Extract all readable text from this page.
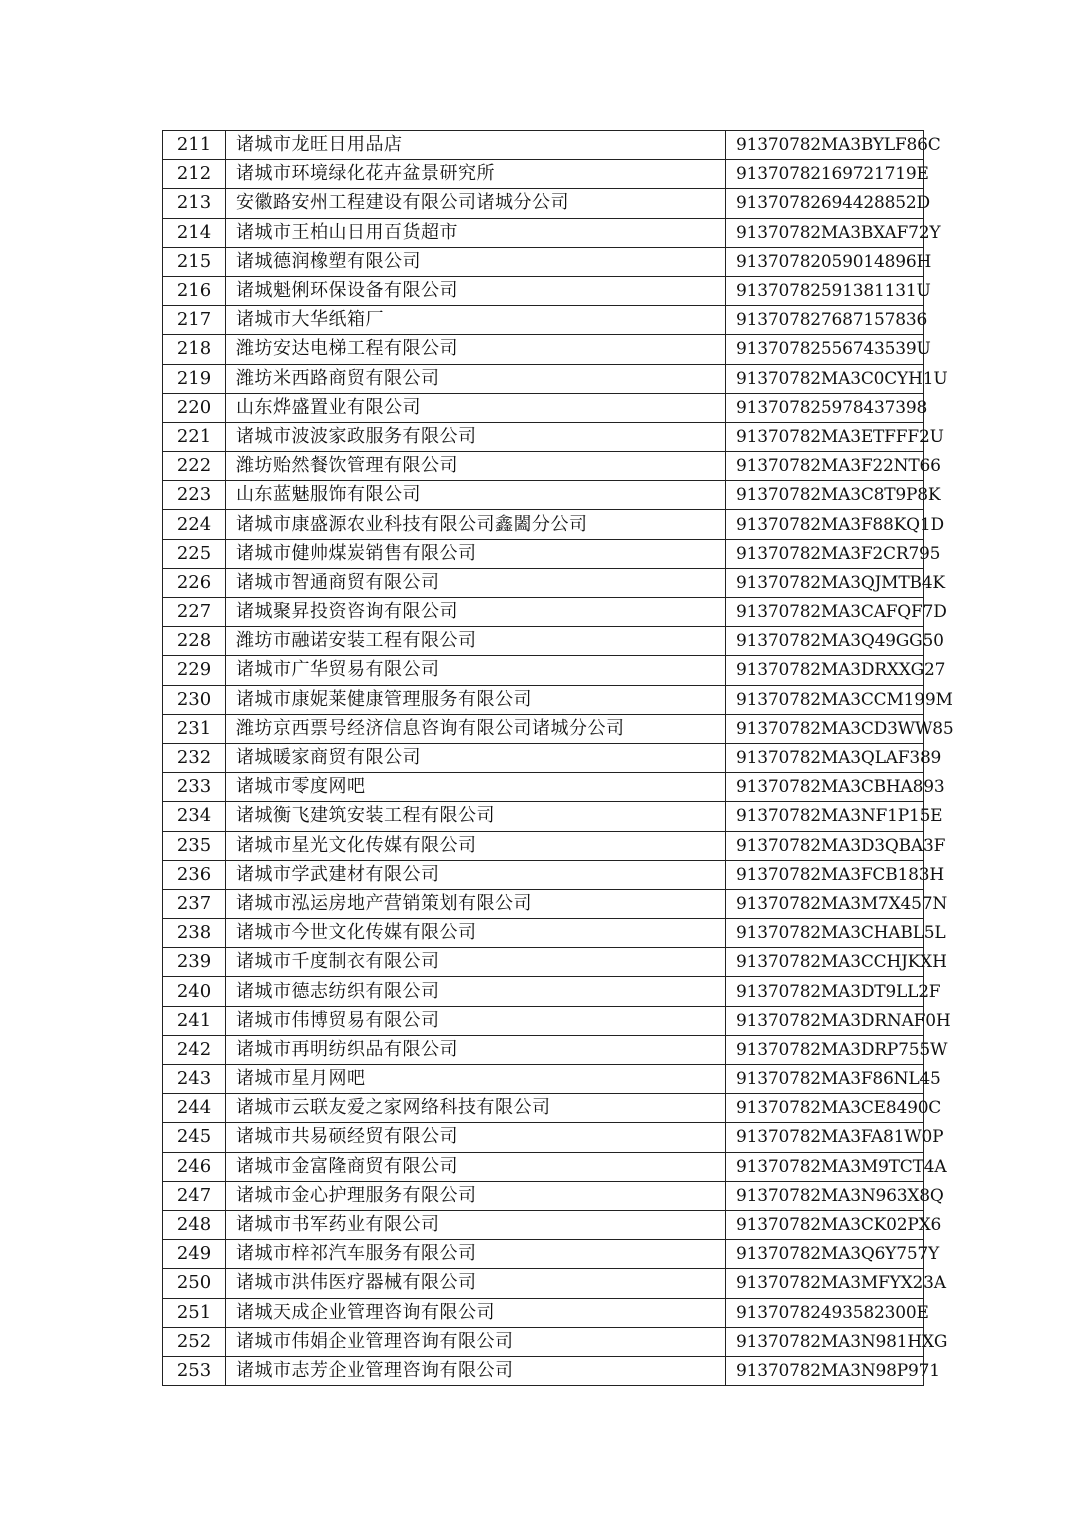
211	诸城市龙旺日用品店	91370782MA3BYLF86C
212	诸城市环境绿化花卉盆景研究所	91370782169721719E
213	安徽路安州工程建设有限公司诸城分公司	91370782694428852D
214	诸城市王柏山日用百货超市	91370782MA3BXAF72Y
215	诸城德润橡塑有限公司	91370782059014896H
216	诸城魁俐环保设备有限公司	91370782591381131U
217	诸城市大华纸箱厂	913707827687157836
218	潍坊安达电梯工程有限公司	91370782556743539U
219	潍坊米西路商贸有限公司	91370782MA3C0CYH1U
220	山东烨盛置业有限公司	913707825978437398
221	诸城市波波家政服务有限公司	91370782MA3ETFFF2U
222	潍坊贻然餐饮管理有限公司	91370782MA3F22NT66
223	山东蓝魅服饰有限公司	91370782MA3C8T9P8K
224	诸城市康盛源农业科技有限公司鑫闔分公司	91370782MA3F88KQ1D
225	诸城市健帅煤炭销售有限公司	91370782MA3F2CR795
226	诸城市智通商贸有限公司	91370782MA3QJMTB4K
227	诸城聚昇投资咨询有限公司	91370782MA3CAFQF7D
228	潍坊市融诺安装工程有限公司	91370782MA3Q49GG50
229	诸城市广华贸易有限公司	91370782MA3DRXXG27
230	诸城市康妮莱健康管理服务有限公司	91370782MA3CCM199M
231	潍坊京西票号经济信息咨询有限公司诸城分公司	91370782MA3CD3WW85
232	诸城暖家商贸有限公司	91370782MA3QLAF389
233	诸城市零度网吧	91370782MA3CBHA893
234	诸城衡飞建筑安装工程有限公司	91370782MA3NF1P15E
235	诸城市星光文化传媒有限公司	91370782MA3D3QBA3F
236	诸城市学武建材有限公司	91370782MA3FCB183H
237	诸城市泓运房地产营销策划有限公司	91370782MA3M7X457N
238	诸城市今世文化传媒有限公司	91370782MA3CHABL5L
239	诸城市千度制衣有限公司	91370782MA3CCHJKXH
240	诸城市德志纺织有限公司	91370782MA3DT9LL2F
241	诸城市伟博贸易有限公司	91370782MA3DRNAF0H
242	诸城市再明纺织品有限公司	91370782MA3DRP755W
243	诸城市星月网吧	91370782MA3F86NL45
244	诸城市云联友爱之家网络科技有限公司	91370782MA3CE8490C
245	诸城市共易硕经贸有限公司	91370782MA3FA81W0P
246	诸城市金富隆商贸有限公司	91370782MA3M9TCT4A
247	诸城市金心护理服务有限公司	91370782MA3N963X8Q
248	诸城市书军药业有限公司	91370782MA3CK02PX6
249	诸城市梓祁汽车服务有限公司	91370782MA3Q6Y757Y
250	诸城市洪伟医疗器械有限公司	91370782MA3MFYX23A
251	诸城天成企业管理咨询有限公司	91370782493582300E
252	诸城市伟娟企业管理咨询有限公司	91370782MA3N981HXG
253	诸城市志芳企业管理咨询有限公司	91370782MA3N98P971
